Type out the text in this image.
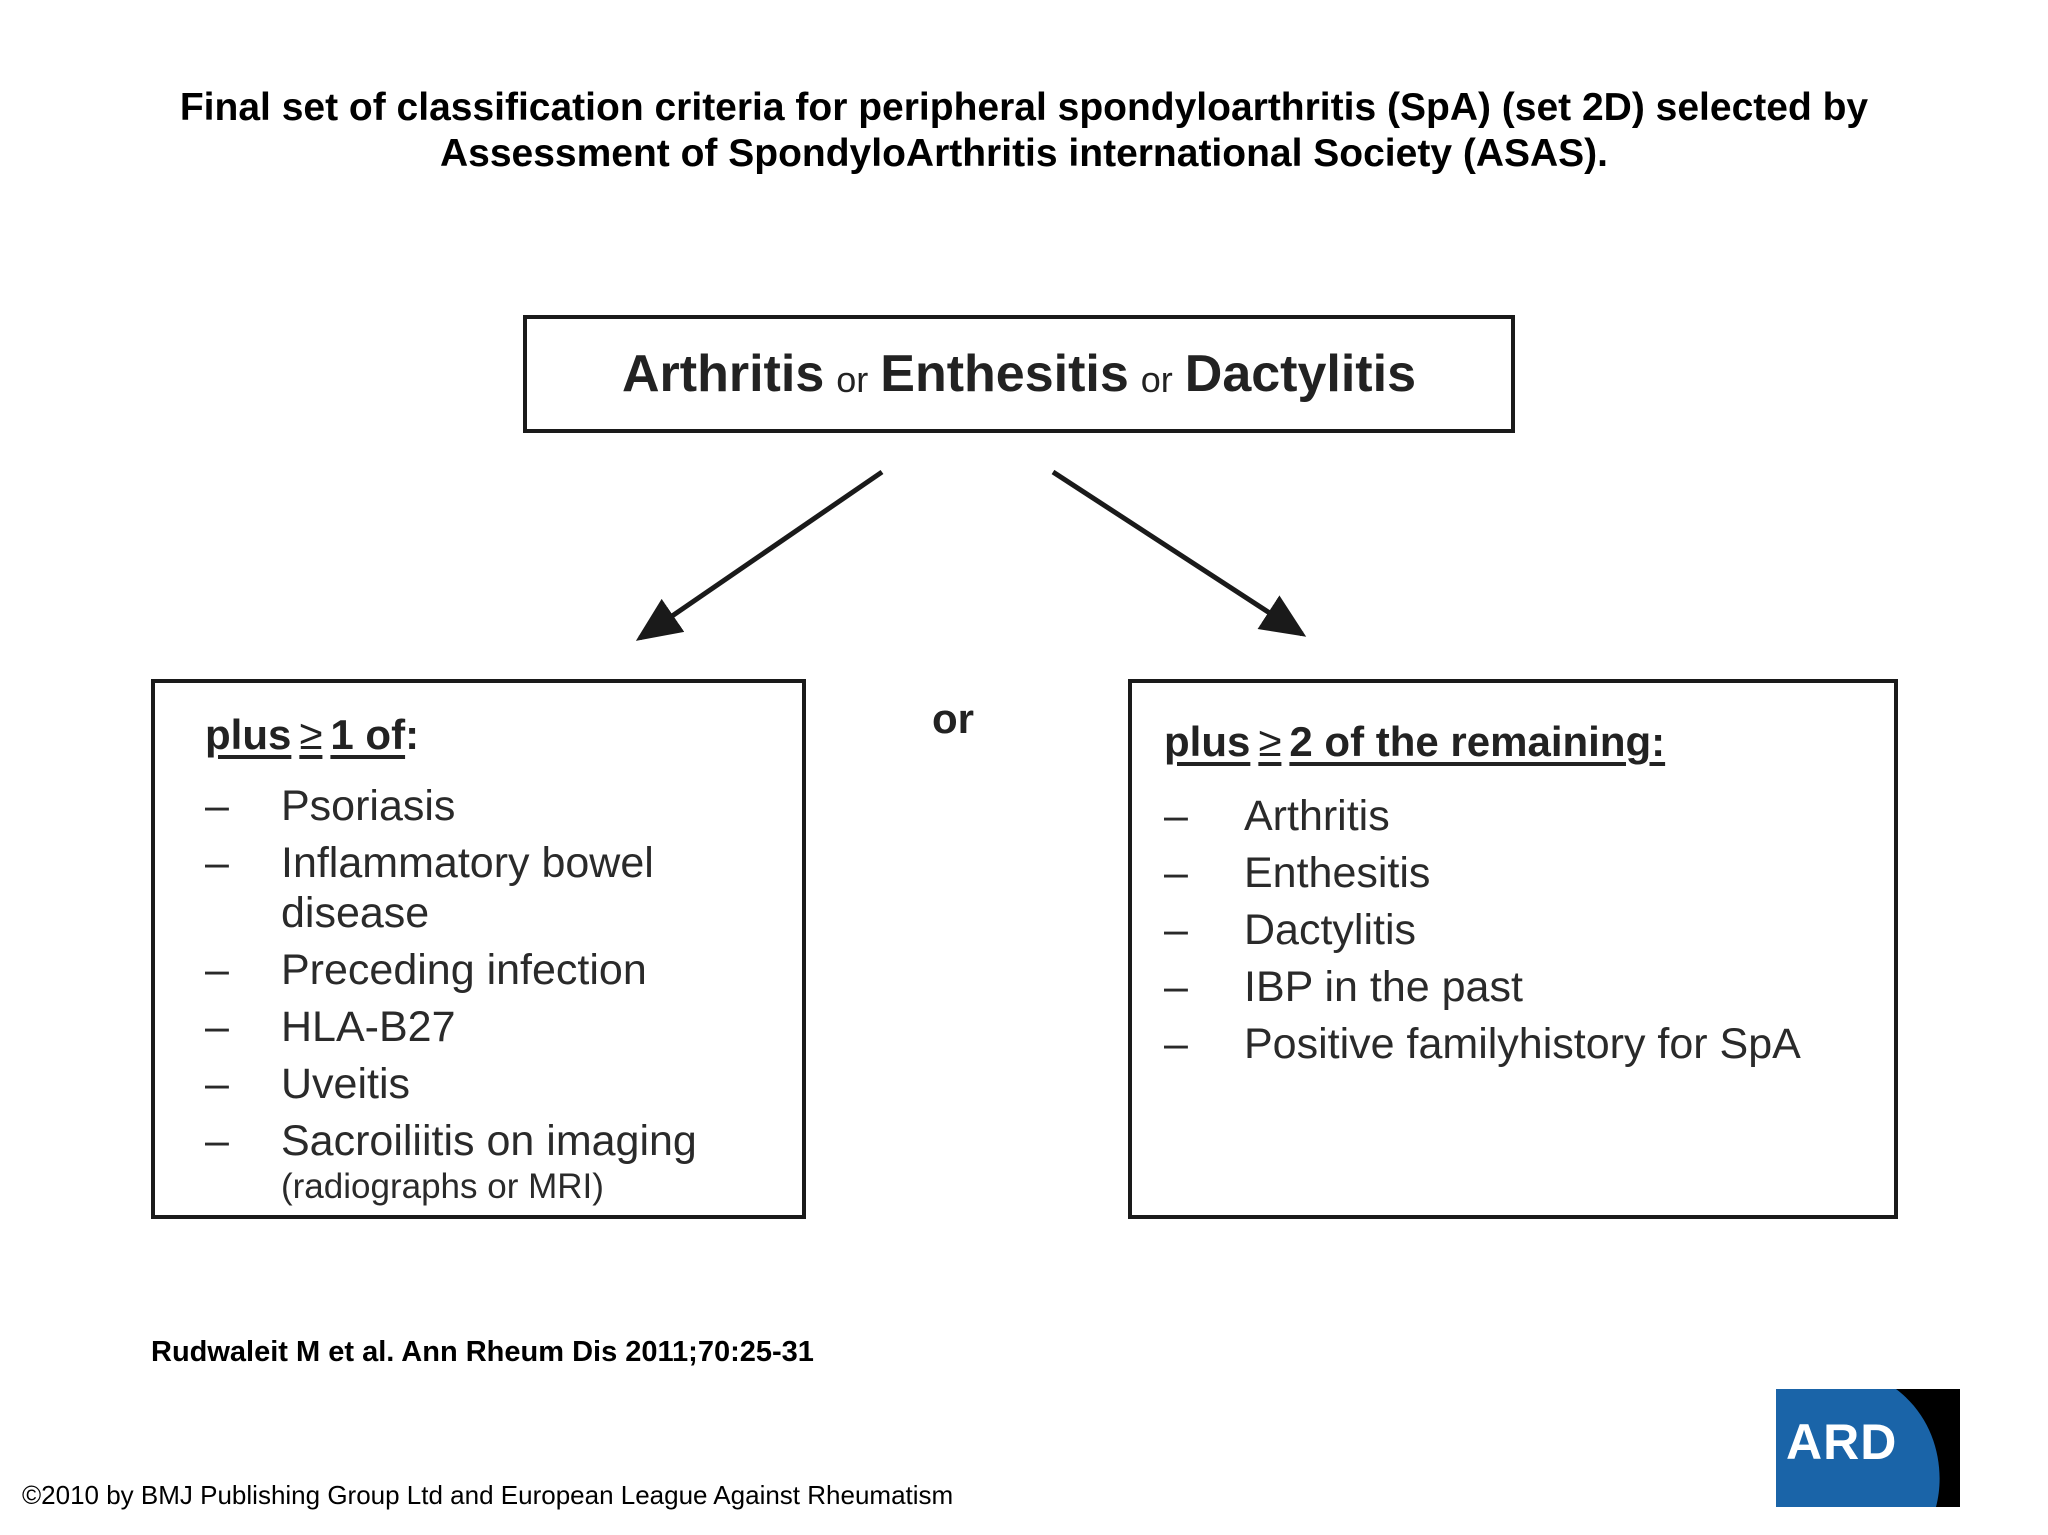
Final set of classification criteria for peripheral spondyloarthritis (SpA) (set 2D) selected by
Assessment of SpondyloArthritis international Society (ASAS).
Arthritis or Enthesitis or Dactylitis
or
plus ≥ 1 of:
–	Psoriasis
–	Inflammatory bowel disease
–	Preceding infection
–	HLA-B27
–	Uveitis
–	Sacroiliitis on imaging
(radiographs or MRI)
plus ≥ 2 of the remaining:
–	Arthritis
–	Enthesitis
–	Dactylitis
–	IBP in the past
–	Positive familyhistory for SpA
Rudwaleit M et al. Ann Rheum Dis 2011;70:25-31
©2010 by BMJ Publishing Group Ltd and European League Against Rheumatism
ARD
